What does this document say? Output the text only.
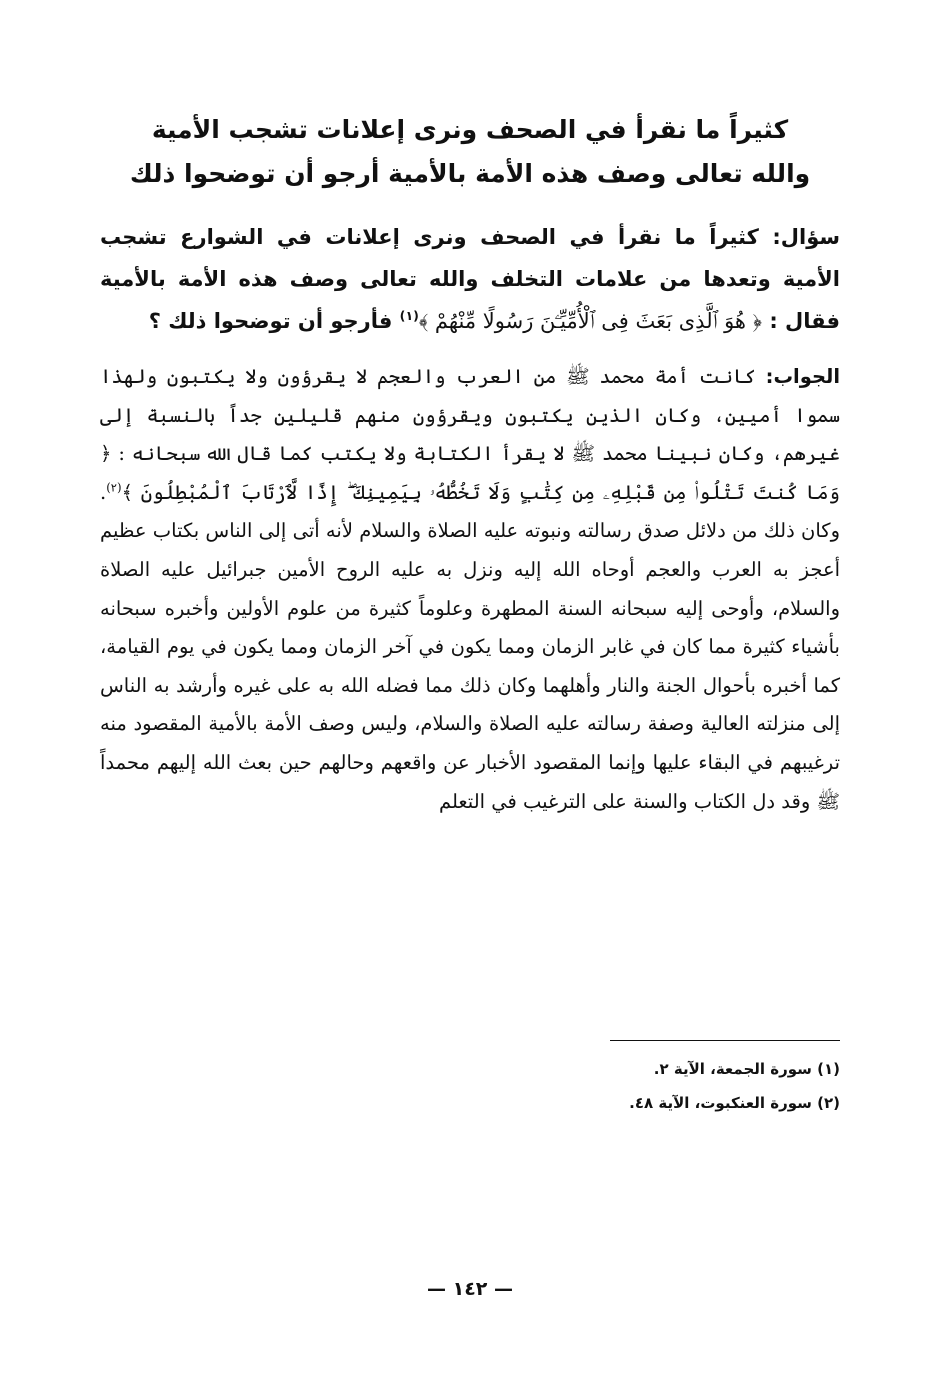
كثيراً ما نقرأ في الصحف ونرى إعلانات تشجب الأمية
والله تعالى وصف هذه الأمة بالأمية أرجو أن توضحوا ذلك

سؤال: كثيراً ما نقرأ في الصحف ونرى إعلانات في الشوارع تشجب الأمية وتعدها من علامات التخلف والله تعالى وصف هذه الأمة بالأمية فقال : ﴿ هُوَ ٱلَّذِى بَعَثَ فِى ٱلْأُمِّيِّـۧنَ رَسُولًا مِّنْهُمْ ﴾$^{(١)}$ فأرجو أن توضحوا ذلك ؟

الجواب: كانت أمة محمد ﷺ من العرب والعجم لا يقرؤون ولا يكتبون ولهذا سموا أميين، وكان الذين يكتبون ويقرؤون منهم قليلين جداً بالنسبة إلى غيرهم، وكان نبينا محمد ﷺ لا يقرأ الكتابة ولا يكتب كما قال الله سبحانه : ﴿ وَمَا كُنتَ تَتْلُوا۟ مِن قَبْلِهِۦ مِن كِتَٰبٍ وَلَا تَخُطُّهُۥ بِيَمِينِكَ ۖ إِذًا لَّٱرْتَابَ ٱلْمُبْطِلُونَ ﴾$^{(٢)}$. وكان ذلك من دلائل صدق رسالته ونبوته عليه الصلاة والسلام لأنه أتى إلى الناس بكتاب عظيم أعجز به العرب والعجم أوحاه الله إليه ونزل به عليه الروح الأمين جبرائيل عليه الصلاة والسلام، وأوحى إليه سبحانه السنة المطهرة وعلوماً كثيرة من علوم الأولين وأخبره سبحانه بأشياء كثيرة مما كان في غابر الزمان ومما يكون في آخر الزمان ومما يكون في يوم القيامة، كما أخبره بأحوال الجنة والنار وأهلهما وكان ذلك مما فضله الله به على غيره وأرشد به الناس إلى منزلته العالية وصفة رسالته عليه الصلاة والسلام، وليس وصف الأمة بالأمية المقصود منه ترغيبهم في البقاء عليها وإنما المقصود الأخبار عن واقعهم وحالهم حين بعث الله إليهم محمداً ﷺ وقد دل الكتاب والسنة على الترغيب في التعلم

(١) سورة الجمعة، الآية ٢.

(٢) سورة العنكبوت، الآية ٤٨.

— ١٤٢ —
